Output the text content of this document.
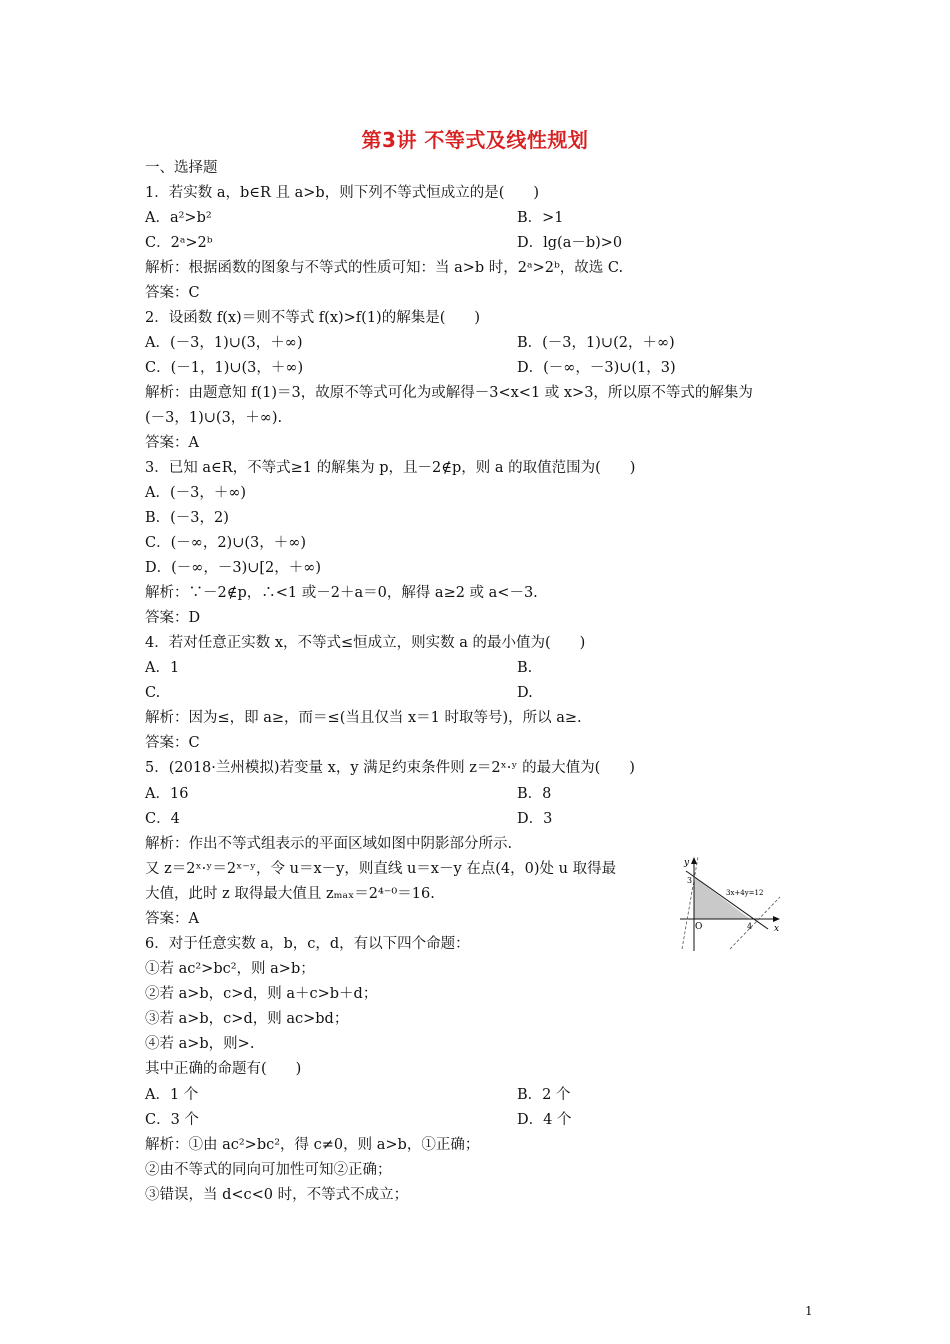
第3讲 不等式及线性规划
一、选择题
1．若实数 a，b∈R 且 a>b，则下列不等式恒成立的是(　　)
A．a²>b²	B．>1
C．2ᵃ>2ᵇ	D．lg(a－b)>0
解析：根据函数的图象与不等式的性质可知：当 a>b 时，2ᵃ>2ᵇ，故选 C.
答案：C
2．设函数 f(x)＝则不等式 f(x)>f(1)的解集是(　　)
A．(－3，1)∪(3，＋∞)	B．(－3，1)∪(2，＋∞)
C．(－1，1)∪(3，＋∞)	D．(－∞，－3)∪(1，3)
解析：由题意知 f(1)＝3，故原不等式可化为或解得－3<x<1 或 x>3，所以原不等式的解集为
(－3，1)∪(3，＋∞).
答案：A
3．已知 a∈R，不等式≥1 的解集为 p，且－2∉p，则 a 的取值范围为(　　)
A．(－3，＋∞)
B．(－3，2)
C．(－∞，2)∪(3，＋∞)
D．(－∞，－3)∪[2，＋∞)
解析：∵－2∉p，∴<1 或－2＋a＝0，解得 a≥2 或 a<－3.
答案：D
4．若对任意正实数 x，不等式≤恒成立，则实数 a 的最小值为(　　)
A．1	B.
C.	D.
解析：因为≤，即 a≥，而＝≤(当且仅当 x＝1 时取等号)，所以 a≥.
答案：C
5．(2018·兰州模拟)若变量 x，y 满足约束条件则 z＝2ˣ·ʸ 的最大值为(　　)
A．16	B．8
C．4	D．3
解析：作出不等式组表示的平面区域如图中阴影部分所示.
又 z＝2ˣ·ʸ＝2ˣ⁻ʸ，令 u＝x－y，则直线 u＝x－y 在点(4，0)处 u 取得最
大值，此时 z 取得最大值且 zₘₐₓ＝2⁴⁻⁰＝16.
答案：A
y
x
O
3
4
3x+4y=12
6．对于任意实数 a，b，c，d，有以下四个命题：
①若 ac²>bc²，则 a>b；
②若 a>b，c>d，则 a＋c>b＋d；
③若 a>b，c>d，则 ac>bd；
④若 a>b，则>.
其中正确的命题有(　　)
A．1 个	B．2 个
C．3 个	D．4 个
解析：①由 ac²>bc²，得 c≠0，则 a>b，①正确；
②由不等式的同向可加性可知②正确；
③错误，当 d<c<0 时，不等式不成立；
1
